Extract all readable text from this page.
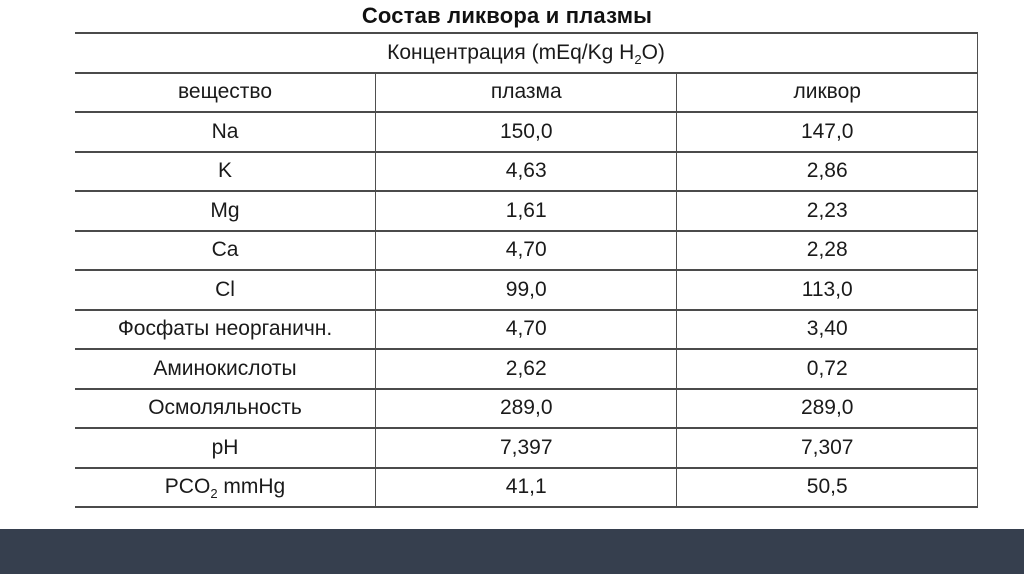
Состав ликвора и плазмы
Концентрация (mEq/Kg $H_2O$)		
вещество	плазма	ликвор
Na	150,0	147,0
K	4,63	2,86
Mg	1,61	2,23
Ca	4,70	2,28
Cl	99,0	113,0
Фосфаты неорганичн.	4,70	3,40
Аминокислоты	2,62	0,72
Осмоляльность	289,0	289,0
pH	7,397	7,307
$PCO_2$ mmHg	41,1	50,5
